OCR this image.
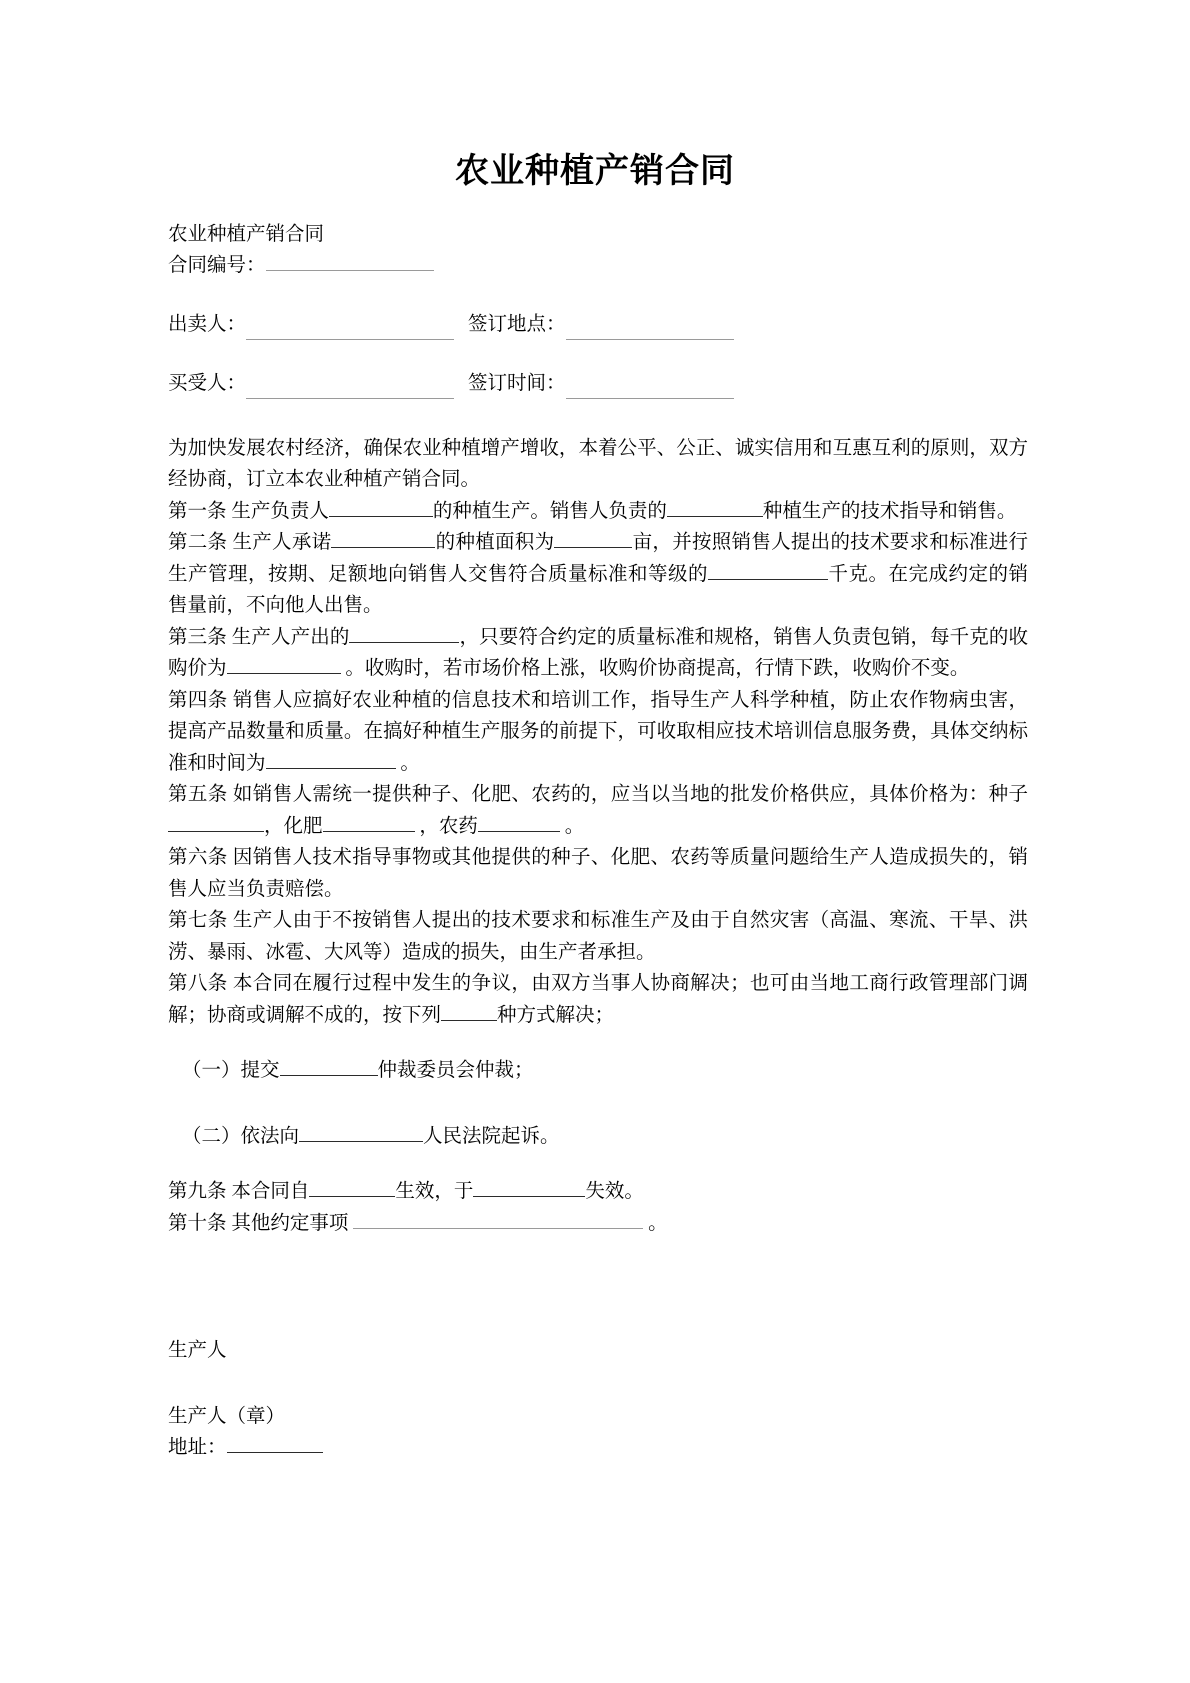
农业种植产销合同
农业种植产销合同
合同编号：
出卖人：	签订地点：
买受人：	签订时间：

为加快发展农村经济，确保农业种植增产增收，本着公平、公正、诚实信用和互惠互利的原则，双方经协商，订立本农业种植产销合同。

第一条 生产负责人	的种植生产。销售人负责的	种植生产的技术指导和销售。

第二条 生产人承诺	的种植面积为	亩，并按照销售人提出的技术要求和标准进行生产管理，按期、足额地向销售人交售符合质量标准和等级的	千克。在完成约定的销售量前，不向他人出售。

第三条 生产人产出的	，只要符合约定的质量标准和规格，销售人负责包销，每千克的收购价为	。收购时，若市场价格上涨，收购价协商提高，行情下跌，收购价不变。

第四条 销售人应搞好农业种植的信息技术和培训工作，指导生产人科学种植，防止农作物病虫害，提高产品数量和质量。在搞好种植生产服务的前提下，可收取相应技术培训信息服务费，具体交纳标准和时间为	。

第五条 如销售人需统一提供种子、化肥、农药的，应当以当地的批发价格供应，具体价格为：种子，化肥	，农药	。

第六条 因销售人技术指导事物或其他提供的种子、化肥、农药等质量问题给生产人造成损失的，销售人应当负责赔偿。

第七条 生产人由于不按销售人提出的技术要求和标准生产及由于自然灾害（高温、寒流、干旱、洪涝、暴雨、冰雹、大风等）造成的损失，由生产者承担。

第八条 本合同在履行过程中发生的争议，由双方当事人协商解决；也可由当地工商行政管理部门调解；协商或调解不成的，按下列	种方式解决；

（一）提交	仲裁委员会仲裁；

（二）依法向	人民法院起诉。

第九条 本合同自	生效，于	失效。

第十条 其他约定事项	。

生产人

生产人（章）

地址：
